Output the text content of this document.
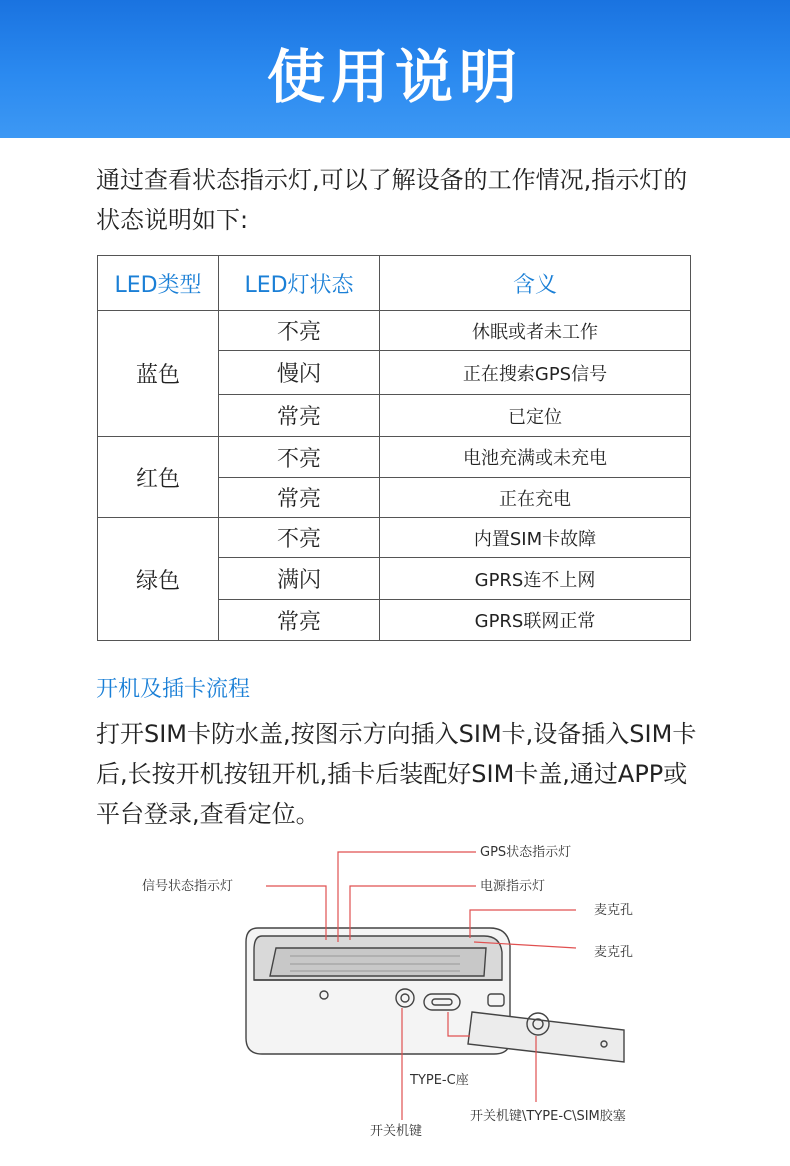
使用说明
通过查看状态指示灯,可以了解设备的工作情况,指示灯的状态说明如下:
LED类型	LED灯状态	含义
蓝色	不亮	休眠或者未工作
	慢闪	正在搜索GPS信号
	常亮	已定位
红色	不亮	电池充满或未充电
	常亮	正在充电
绿色	不亮	内置SIM卡故障
	满闪	GPRS连不上网
	常亮	GPRS联网正常
开机及插卡流程
打开SIM卡防水盖,按图示方向插入SIM卡,设备插入SIM卡后,长按开机按钮开机,插卡后装配好SIM卡盖,通过APP或平台登录,查看定位。
GPS状态指示灯
信号状态指示灯	电源指示灯
麦克孔
麦克孔
TYPE-C座
开关机键
开关机键\TYPE-C\SIM胶塞
